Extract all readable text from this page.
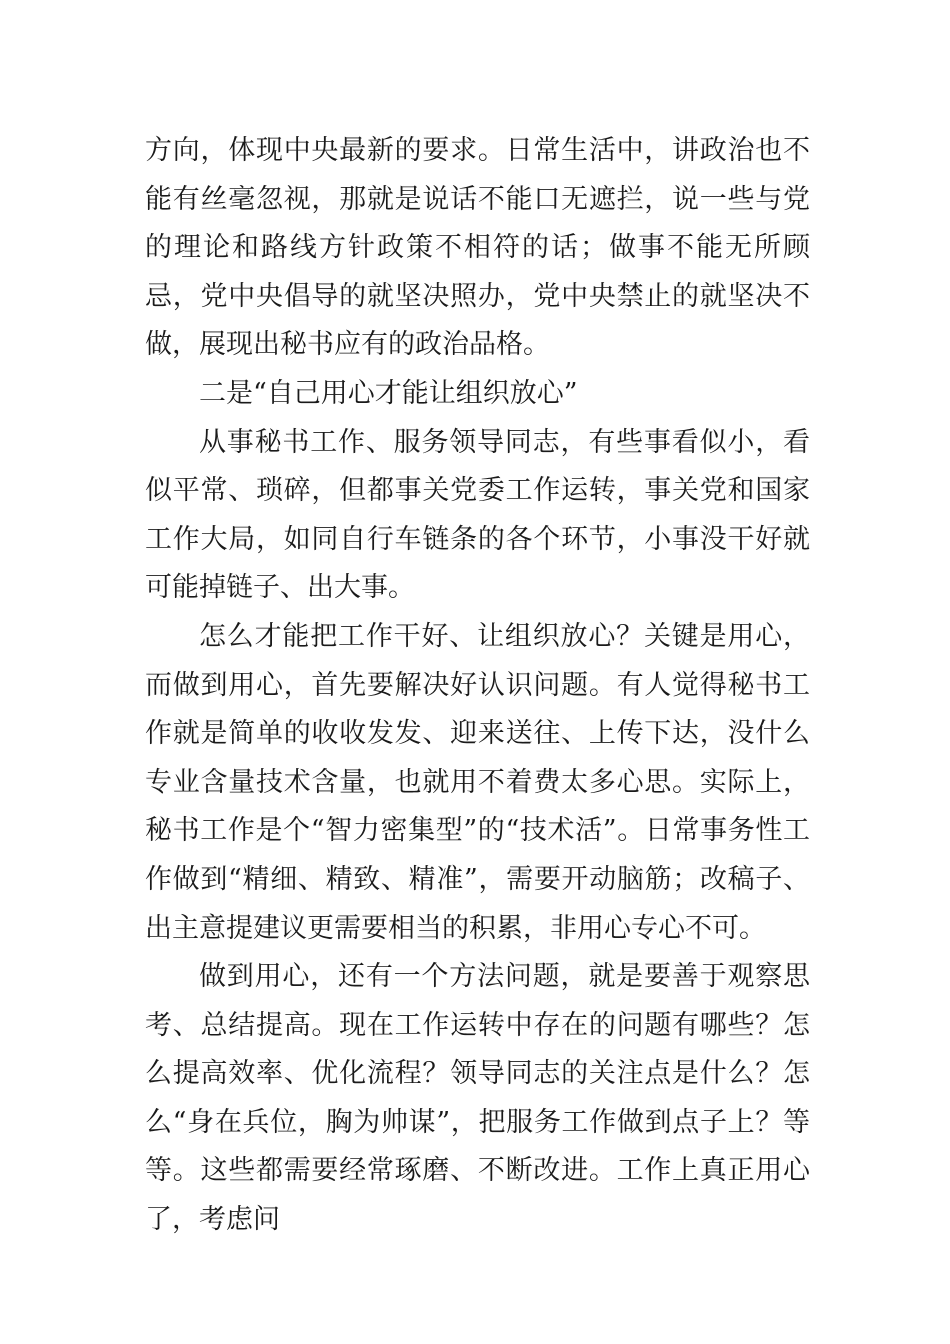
方向，体现中央最新的要求。日常生活中，讲政治也不能有丝毫忽视，那就是说话不能口无遮拦，说一些与党的理论和路线方针政策不相符的话；做事不能无所顾忌，党中央倡导的就坚决照办，党中央禁止的就坚决不做，展现出秘书应有的政治品格。

二是“自己用心才能让组织放心”

从事秘书工作、服务领导同志，有些事看似小，看似平常、琐碎，但都事关党委工作运转，事关党和国家工作大局，如同自行车链条的各个环节，小事没干好就可能掉链子、出大事。

怎么才能把工作干好、让组织放心？关键是用心，而做到用心，首先要解决好认识问题。有人觉得秘书工作就是简单的收收发发、迎来送往、上传下达，没什么专业含量技术含量，也就用不着费太多心思。实际上，秘书工作是个“智力密集型”的“技术活”。日常事务性工作做到“精细、精致、精准”，需要开动脑筋；改稿子、出主意提建议更需要相当的积累，非用心专心不可。

做到用心，还有一个方法问题，就是要善于观察思考、总结提高。现在工作运转中存在的问题有哪些？怎么提高效率、优化流程？领导同志的关注点是什么？怎么“身在兵位，胸为帅谋”，把服务工作做到点子上？等等。这些都需要经常琢磨、不断改进。工作上真正用心了，考虑问
